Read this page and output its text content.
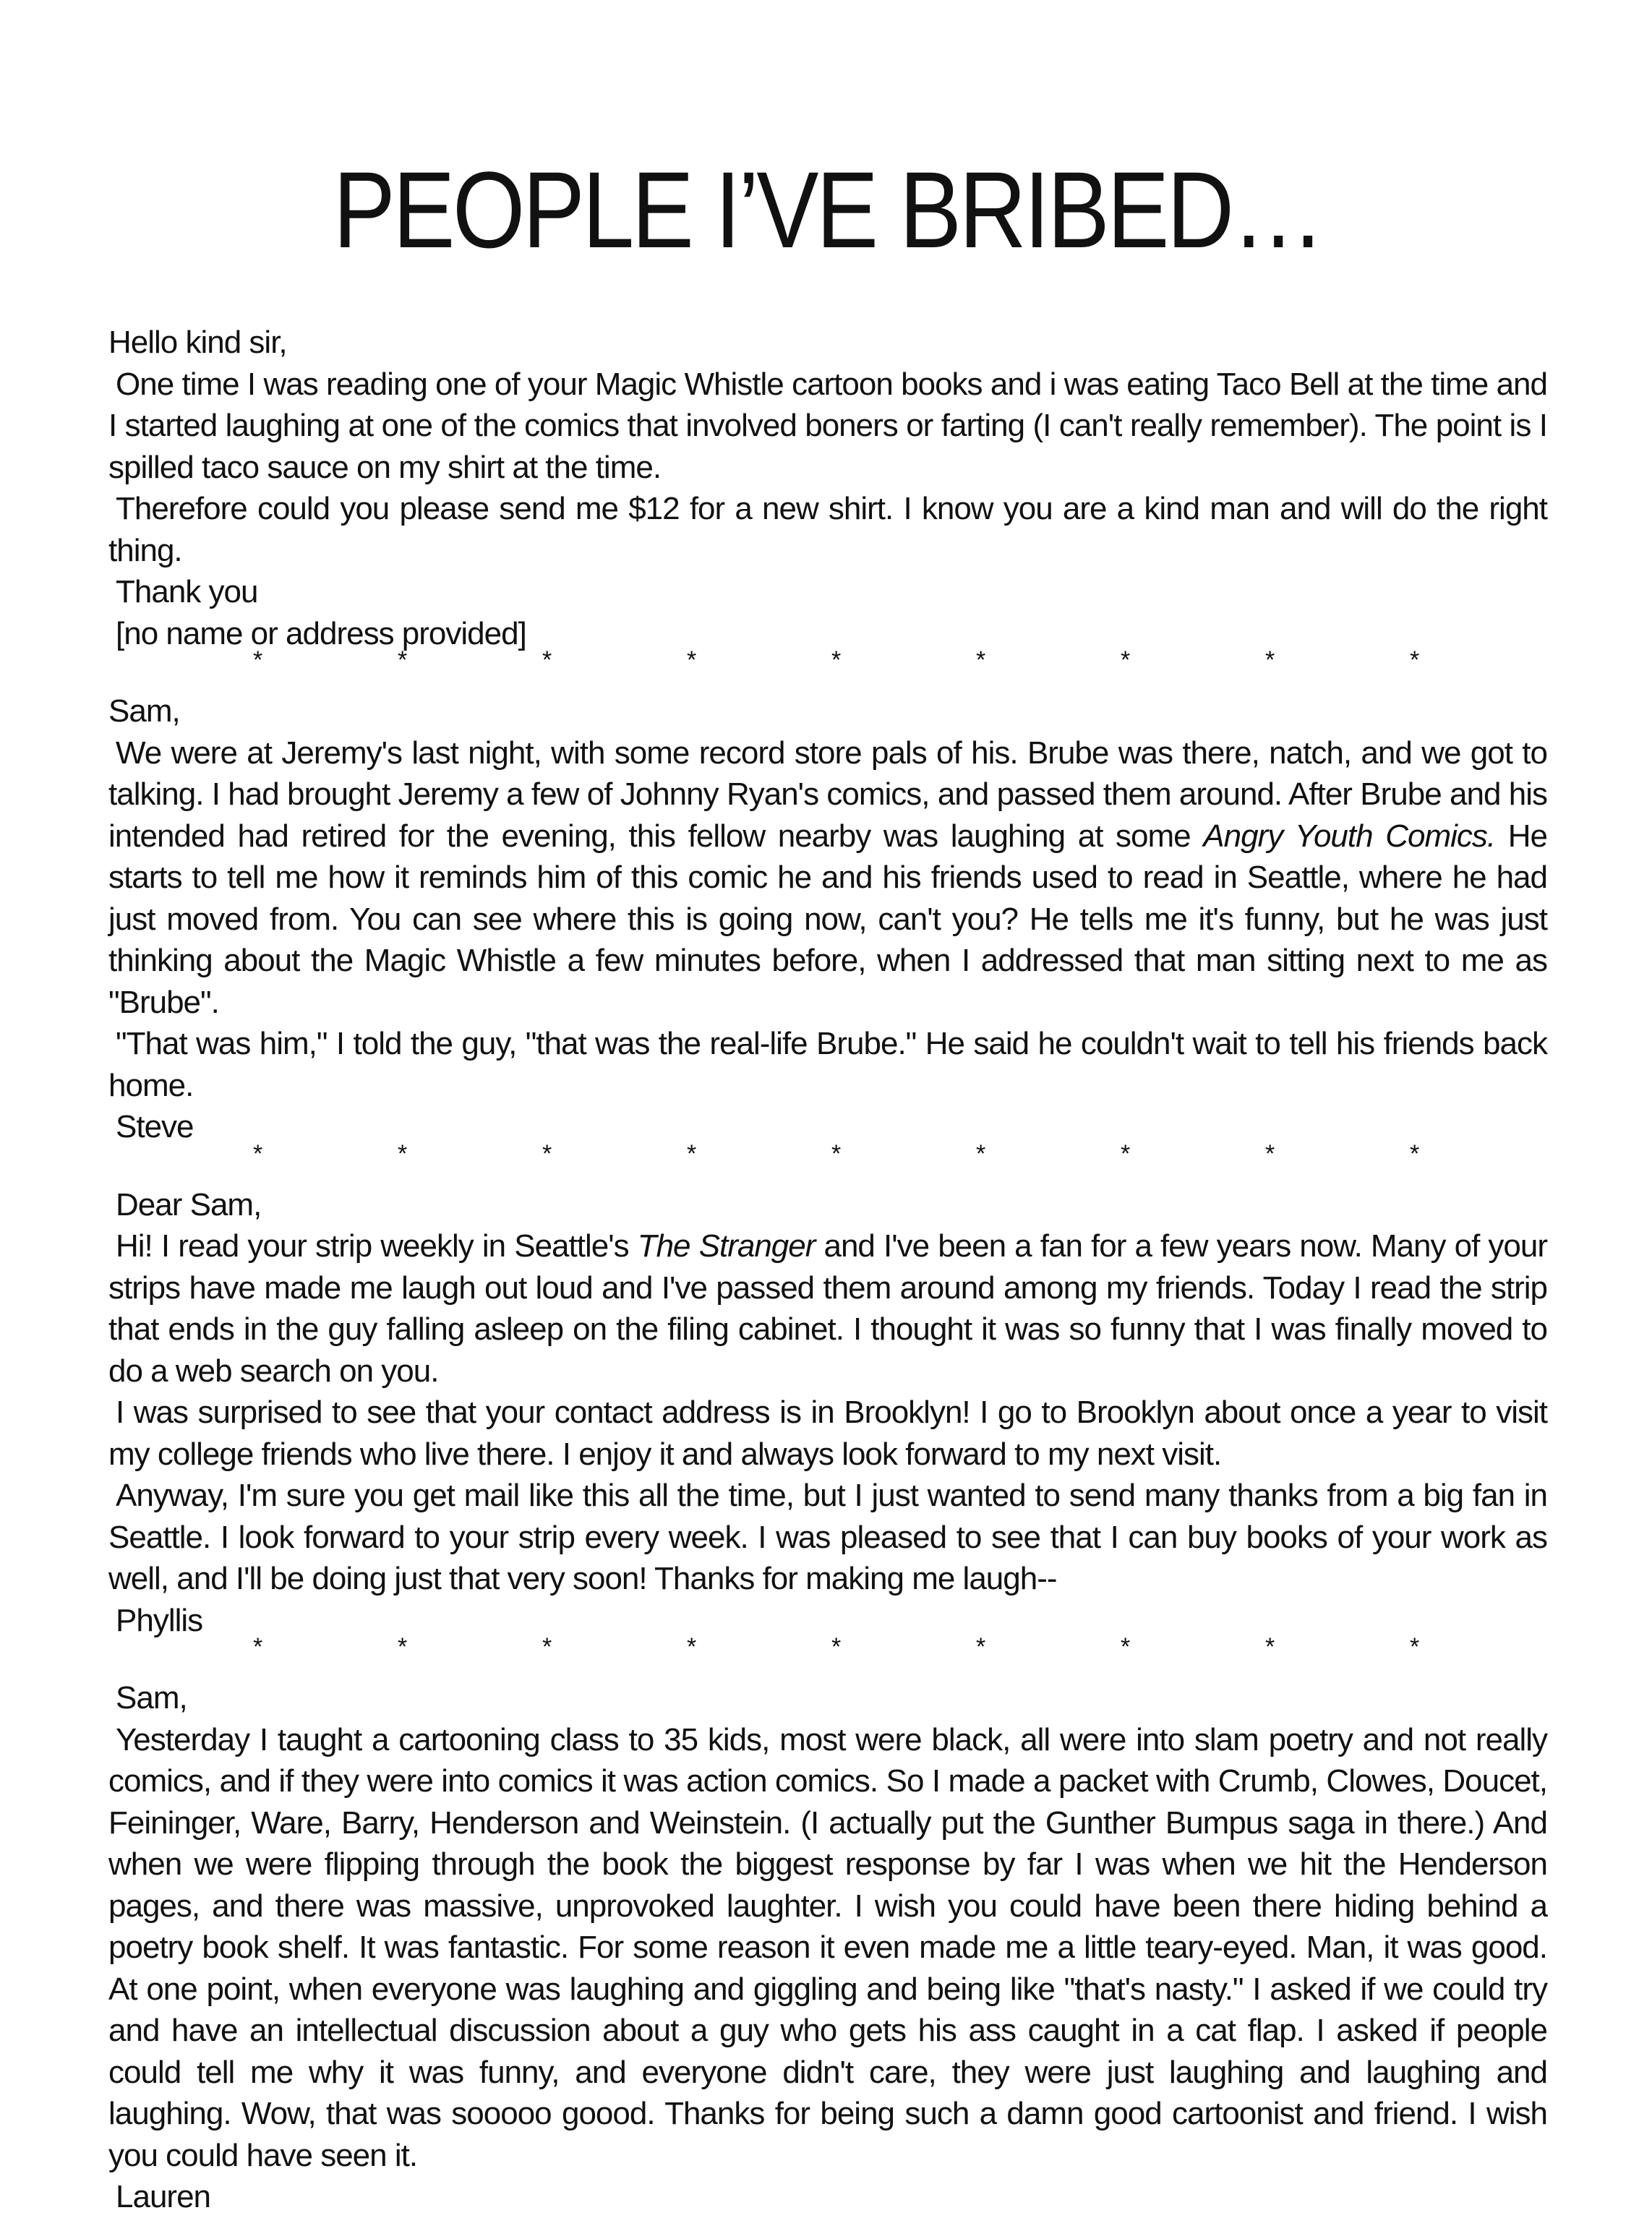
PEOPLE I’VE BRIBED…

Hello kind sir,

One time I was reading one of your Magic Whistle cartoon books and i was eating Taco Bell at the time and I started laughing at one of the comics that involved boners or farting (I can't really remember). The point is I spilled taco sauce on my shirt at the time.

Therefore could you please send me $12 for a new shirt. I know you are a kind man and will do the right thing.

Thank you

[no name or address provided]

*	*	*	*	*	*	*	*	*

Sam,

We were at Jeremy's last night, with some record store pals of his. Brube was there, natch, and we got to talking. I had brought Jeremy a few of Johnny Ryan's comics, and passed them around. After Brube and his intended had retired for the evening, this fellow nearby was laughing at some Angry Youth Comics. He starts to tell me how it reminds him of this comic he and his friends used to read in Seattle, where he had just moved from. You can see where this is going now, can't you? He tells me it's funny, but he was just thinking about the Magic Whistle a few minutes before, when I addressed that man sitting next to me as "Brube".

"That was him," I told the guy, "that was the real-life Brube." He said he couldn't wait to tell his friends back home.

Steve

*	*	*	*	*	*	*	*	*

Dear Sam,

Hi! I read your strip weekly in Seattle's The Stranger and I've been a fan for a few years now. Many of your strips have made me laugh out loud and I've passed them around among my friends. Today I read the strip that ends in the guy falling asleep on the filing cabinet. I thought it was so funny that I was finally moved to do a web search on you.

I was surprised to see that your contact address is in Brooklyn! I go to Brooklyn about once a year to visit my college friends who live there. I enjoy it and always look forward to my next visit.

Anyway, I'm sure you get mail like this all the time, but I just wanted to send many thanks from a big fan in Seattle. I look forward to your strip every week. I was pleased to see that I can buy books of your work as well, and I'll be doing just that very soon! Thanks for making me laugh--

Phyllis

*	*	*	*	*	*	*	*	*

Sam,

Yesterday I taught a cartooning class to 35 kids, most were black, all were into slam poetry and not really comics, and if they were into comics it was action comics. So I made a packet with Crumb, Clowes, Doucet, Feininger, Ware, Barry, Henderson and Weinstein. (I actually put the Gunther Bumpus saga in there.) And when we were flipping through the book the biggest response by far I was when we hit the Henderson pages, and there was massive, unprovoked laughter. I wish you could have been there hiding behind a poetry book shelf. It was fantastic. For some reason it even made me a little teary-eyed. Man, it was good. At one point, when everyone was laughing and giggling and being like "that's nasty." I asked if we could try and have an intellectual discussion about a guy who gets his ass caught in a cat flap. I asked if people could tell me why it was funny, and everyone didn't care, they were just laughing and laughing and laughing. Wow, that was sooooo goood. Thanks for being such a damn good cartoonist and friend. I wish you could have seen it.

Lauren
